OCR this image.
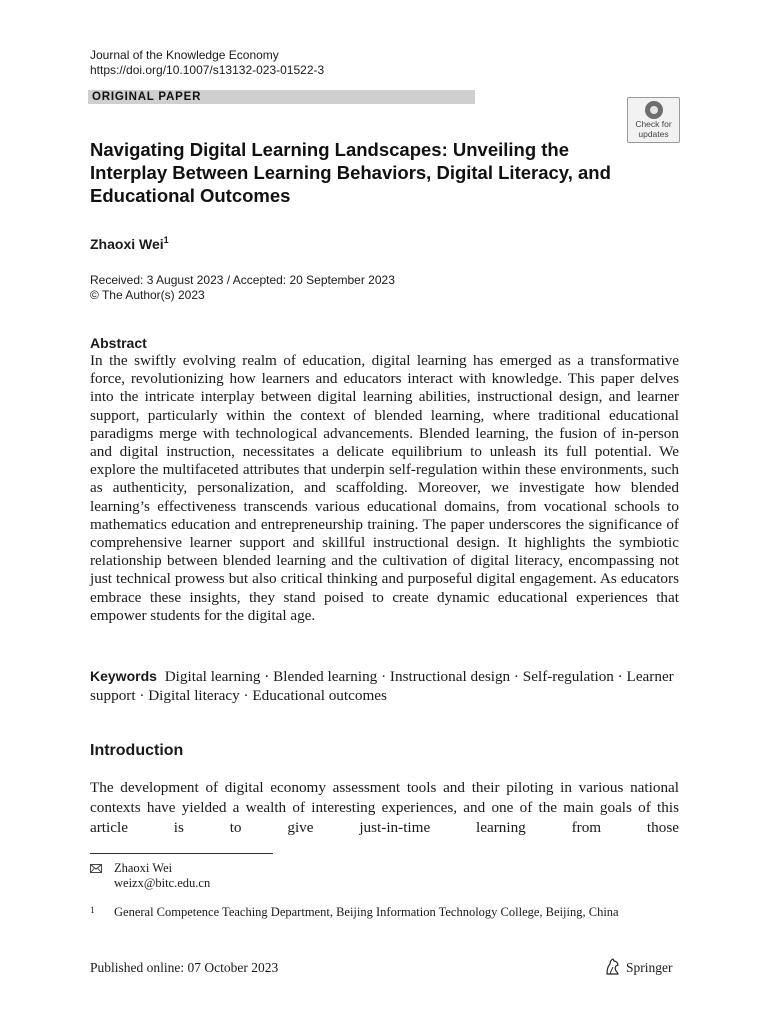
Journal of the Knowledge Economy
https://doi.org/10.1007/s13132-023-01522-3
ORIGINAL PAPER
Check for
updates
Navigating Digital Learning Landscapes: Unveiling the Interplay Between Learning Behaviors, Digital Literacy, and Educational Outcomes
Zhaoxi Wei$^1$
Received: 3 August 2023 / Accepted: 20 September 2023
© The Author(s) 2023
Abstract
In the swiftly evolving realm of education, digital learning has emerged as a transformative force, revolutionizing how learners and educators interact with knowledge. This paper delves into the intricate interplay between digital learning abilities, instructional design, and learner support, particularly within the context of blended learning, where traditional educational paradigms merge with technological advancements. Blended learning, the fusion of in-person and digital instruction, necessitates a delicate equilibrium to unleash its full potential. We explore the multifaceted attributes that underpin self-regulation within these environments, such as authenticity, personalization, and scaffolding. Moreover, we investigate how blended learning’s effectiveness transcends various educational domains, from vocational schools to mathematics education and entrepreneurship training. The paper underscores the significance of comprehensive learner support and skillful instructional design. It highlights the symbiotic relationship between blended learning and the cultivation of digital literacy, encompassing not just technical prowess but also critical thinking and purposeful digital engagement. As educators embrace these insights, they stand poised to create dynamic educational experiences that empower students for the digital age.
Keywords Digital learning · Blended learning · Instructional design · Self-regulation · Learner support · Digital literacy · Educational outcomes
Introduction
The development of digital economy assessment tools and their piloting in various national contexts have yielded a wealth of interesting experiences, and one of the main goals of this article is to give just-in-time learning from those
Zhaoxi Wei
weizx@bitc.edu.cn
1 General Competence Teaching Department, Beijing Information Technology College, Beijing, China
Published online: 07 October 2023	Springer
